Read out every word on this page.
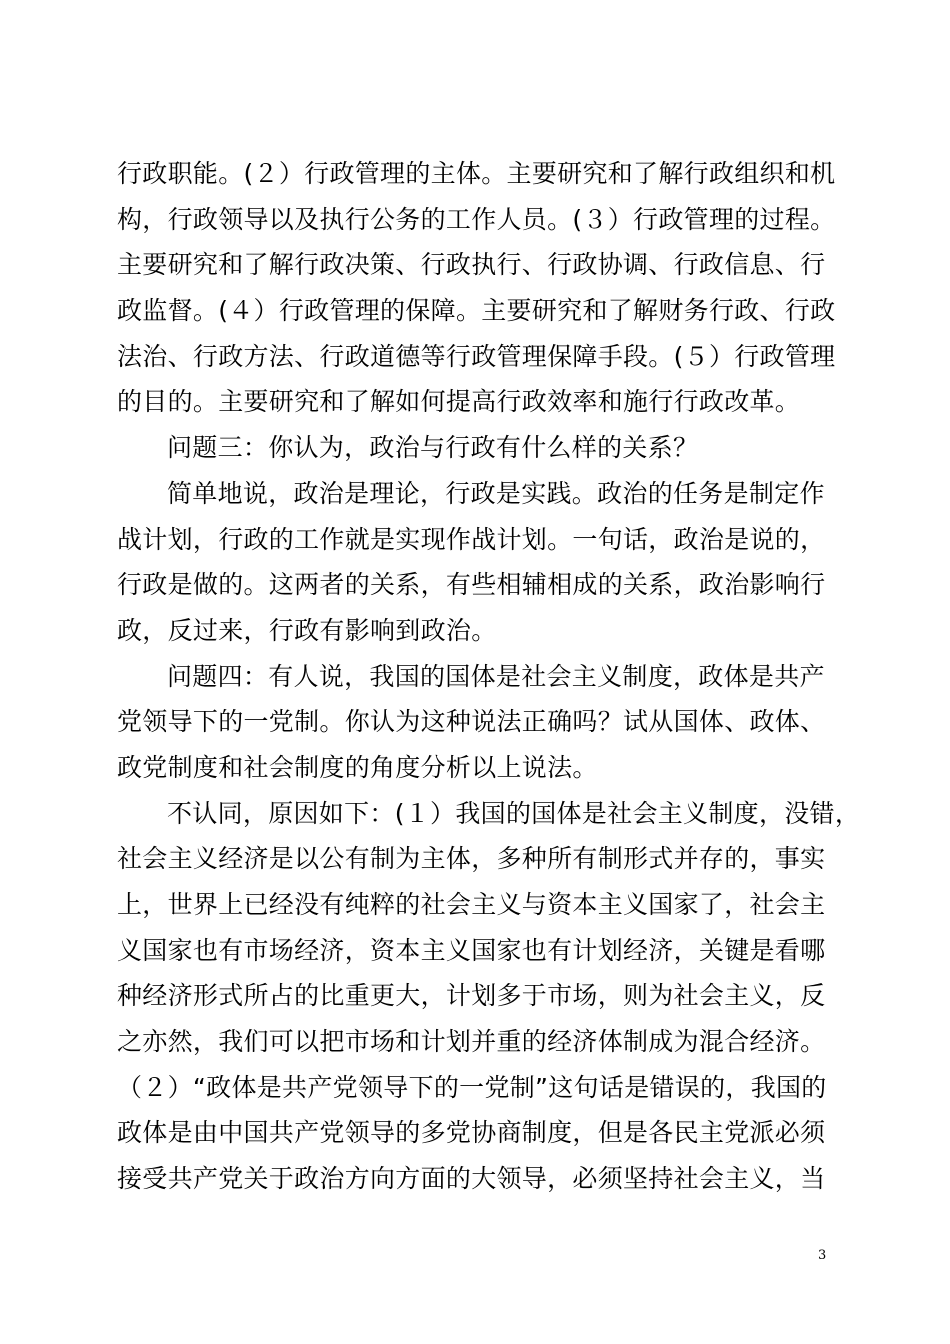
行政职能。(２）行政管理的主体。主要研究和了解行政组织和机
构，行政领导以及执行公务的工作人员。(３）行政管理的过程。
主要研究和了解行政决策、行政执行、行政协调、行政信息、行
政监督。(４）行政管理的保障。主要研究和了解财务行政、行政
法治、行政方法、行政道德等行政管理保障手段。(５）行政管理
的目的。主要研究和了解如何提高行政效率和施行行政改革。
问题三：你认为，政治与行政有什么样的关系？
简单地说，政治是理论，行政是实践。政治的任务是制定作
战计划，行政的工作就是实现作战计划。一句话，政治是说的，
行政是做的。这两者的关系，有些相辅相成的关系，政治影响行
政，反过来，行政有影响到政治。
问题四：有人说，我国的国体是社会主义制度，政体是共产
党领导下的一党制。你认为这种说法正确吗？试从国体、政体、
政党制度和社会制度的角度分析以上说法。
不认同，原因如下：(１）我国的国体是社会主义制度，没错，
社会主义经济是以公有制为主体，多种所有制形式并存的，事实
上，世界上已经没有纯粹的社会主义与资本主义国家了，社会主
义国家也有市场经济，资本主义国家也有计划经济，关键是看哪
种经济形式所占的比重更大，计划多于市场，则为社会主义，反
之亦然，我们可以把市场和计划并重的经济体制成为混合经济。
（２）“政体是共产党领导下的一党制”这句话是错误的，我国的
政体是由中国共产党领导的多党协商制度，但是各民主党派必须
接受共产党关于政治方向方面的大领导，必须坚持社会主义，当
3
